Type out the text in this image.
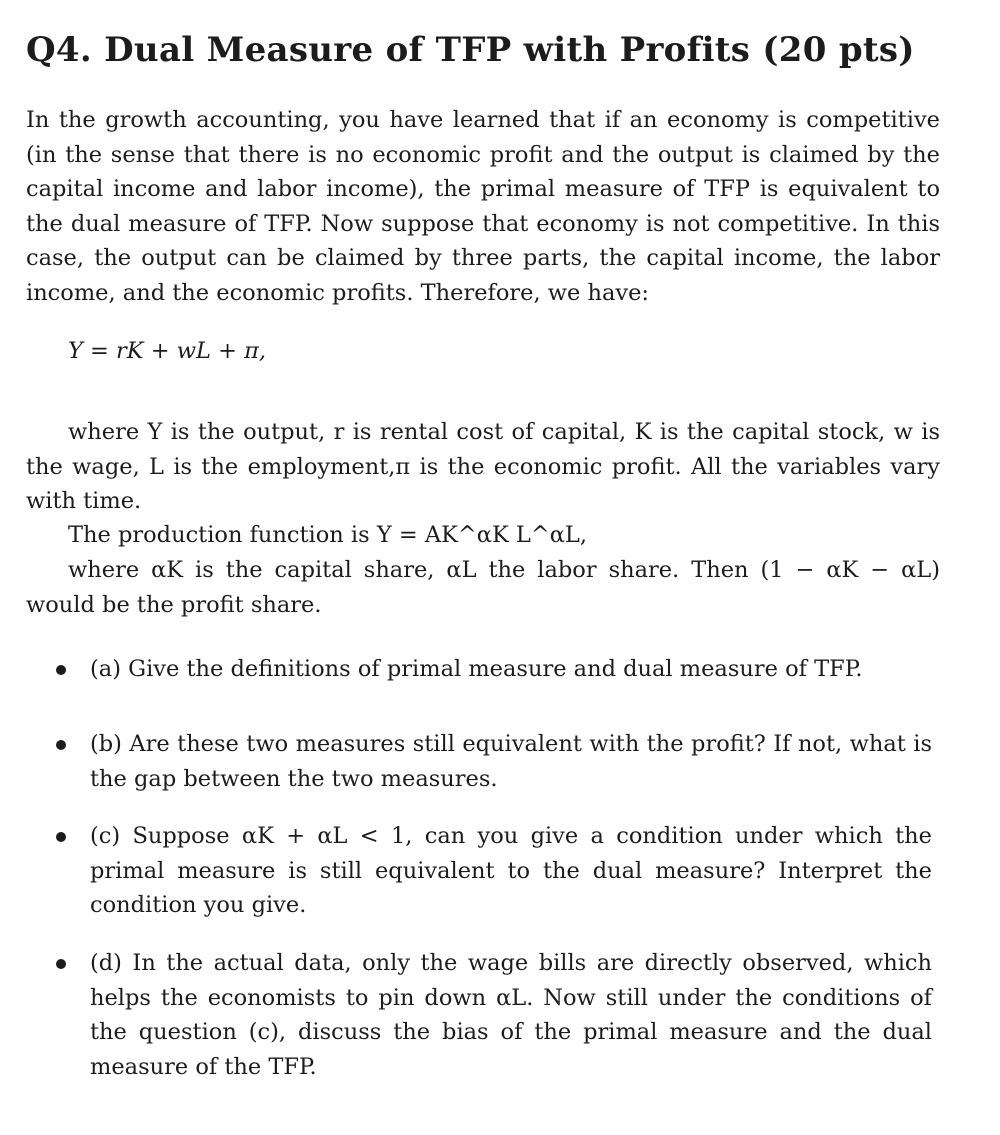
Q4. Dual Measure of TFP with Profits (20 pts)

In the growth accounting, you have learned that if an economy is competitive (in the sense that there is no economic profit and the output is claimed by the capital income and labor income), the primal measure of TFP is equivalent to the dual measure of TFP. Now suppose that economy is not competitive. In this case, the output can be claimed by three parts, the capital income, the labor income, and the economic profits. Therefore, we have:

Y = rK + wL + π,

where Y is the output, r is rental cost of capital, K is the capital stock, w is the wage, L is the employment,π is the economic profit. All the variables vary with time.

The production function is Y = AK^αK L^αL,

where αK is the capital share, αL the labor share. Then (1 − αK − αL) would be the profit share.

(a) Give the definitions of primal measure and dual measure of TFP.

(b) Are these two measures still equivalent with the profit? If not, what is the gap between the two measures.

(c) Suppose αK + αL < 1, can you give a condition under which the primal measure is still equivalent to the dual measure? Interpret the condition you give.

(d) In the actual data, only the wage bills are directly observed, which helps the economists to pin down αL. Now still under the conditions of the question (c), discuss the bias of the primal measure and the dual measure of the TFP.
